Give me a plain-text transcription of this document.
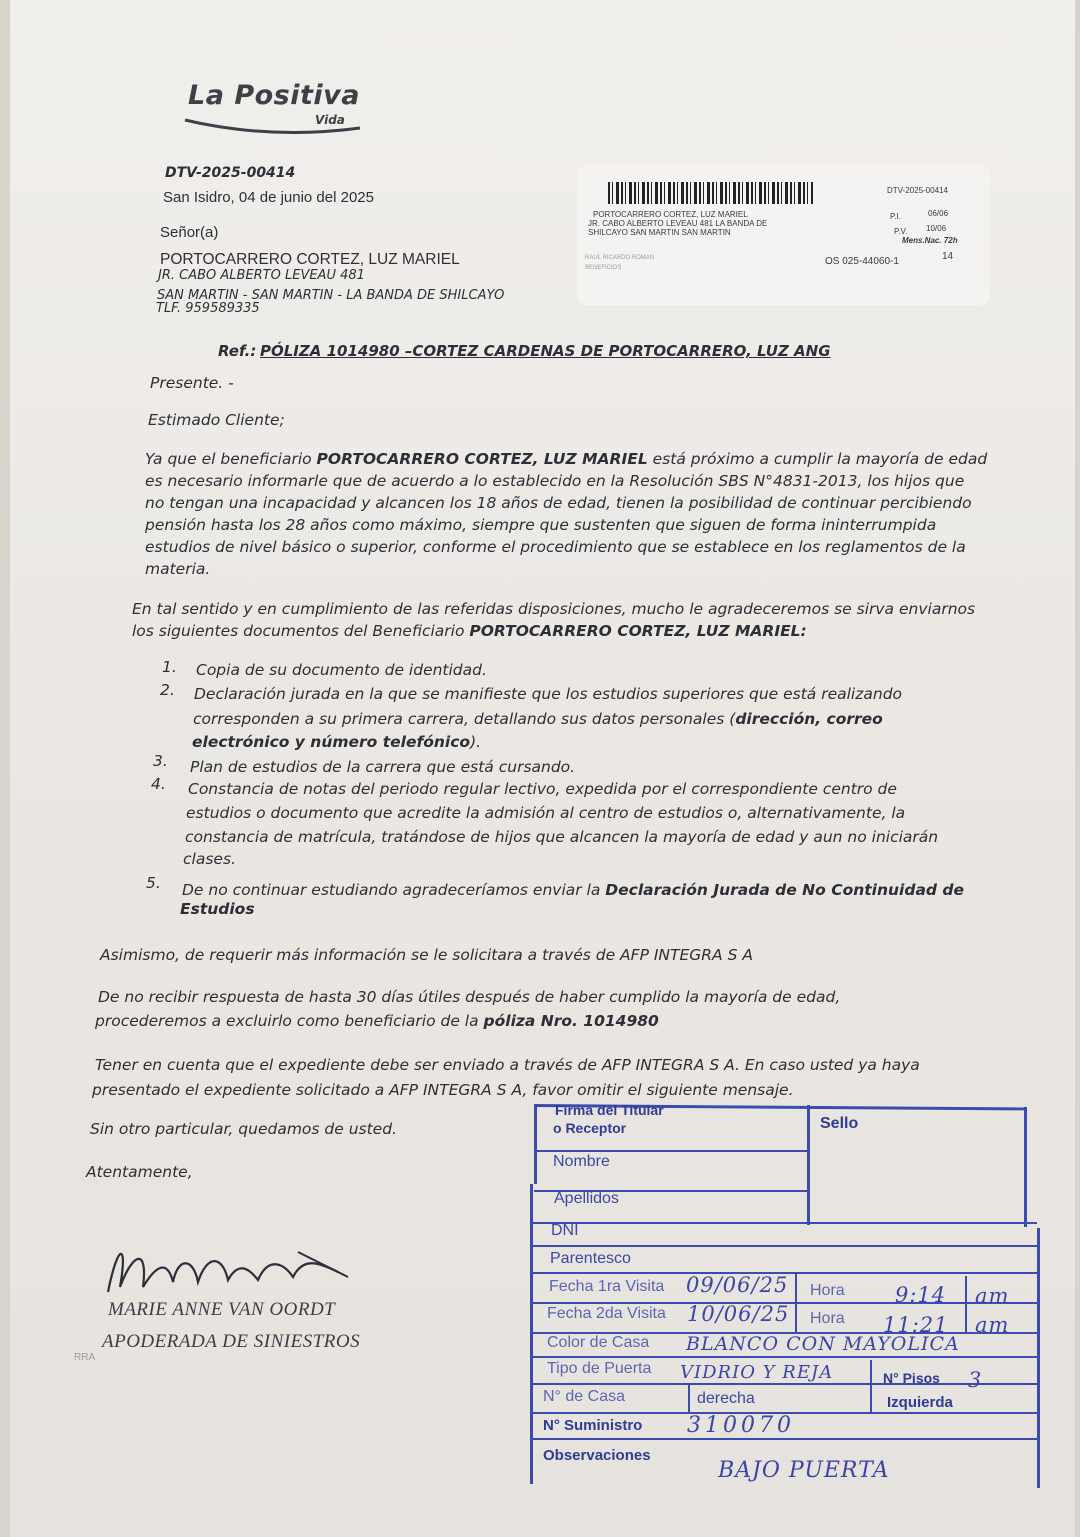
La Positiva
Vida
DTV-2025-00414
San Isidro, 04 de junio del 2025
Señor(a)
PORTOCARRERO CORTEZ, LUZ MARIEL
JR. CABO ALBERTO LEVEAU 481
SAN MARTIN - SAN MARTIN - LA BANDA DE SHILCAYO
TLF. 959589335
DTV-2025-00414
PORTOCARRERO CORTEZ, LUZ MARIEL
JR. CABO ALBERTO LEVEAU 481 LA BANDA DE
SHILCAYO SAN MARTIN SAN MARTIN
RAUL RICARDO ROMAN
BENEFICIOS
P.I.	06/06
P.V. 10/06
Mens.Nac. 72h
OS 025-44060-1	14
Ref.: PÓLIZA 1014980 –CORTEZ CARDENAS DE PORTOCARRERO, LUZ ANG
Presente. -
Estimado Cliente;
Ya que el beneficiario PORTOCARRERO CORTEZ, LUZ MARIEL está próximo a cumplir la mayoría de edad
es necesario informarle que de acuerdo a lo establecido en la Resolución SBS N°4831-2013, los hijos que
no tengan una incapacidad y alcancen los 18 años de edad, tienen la posibilidad de continuar percibiendo
pensión hasta los 28 años como máximo, siempre que sustenten que siguen de forma ininterrumpida
estudios de nivel básico o superior, conforme el procedimiento que se establece en los reglamentos de la
materia.
En tal sentido y en cumplimiento de las referidas disposiciones, mucho le agradeceremos se sirva enviarnos
los siguientes documentos del Beneficiario PORTOCARRERO CORTEZ, LUZ MARIEL:
1. Copia de su documento de identidad.
2. Declaración jurada en la que se manifieste que los estudios superiores que está realizando
corresponden a su primera carrera, detallando sus datos personales (dirección, correo
electrónico y número telefónico).
3. Plan de estudios de la carrera que está cursando.
4. Constancia de notas del periodo regular lectivo, expedida por el correspondiente centro de
estudios o documento que acredite la admisión al centro de estudios o, alternativamente, la
constancia de matrícula, tratándose de hijos que alcancen la mayoría de edad y aun no iniciarán
clases.
5. De no continuar estudiando agradeceríamos enviar la Declaración Jurada de No Continuidad de
Estudios
Asimismo, de requerir más información se le solicitara a través de AFP INTEGRA S A
De no recibir respuesta de hasta 30 días útiles después de haber cumplido la mayoría de edad,
procederemos a excluirlo como beneficiario de la póliza Nro. 1014980
Tener en cuenta que el expediente debe ser enviado a través de AFP INTEGRA S A. En caso usted ya haya
presentado el expediente solicitado a AFP INTEGRA S A, favor omitir el siguiente mensaje.
Sin otro particular, quedamos de usted.
Atentamente,
MARIE ANNE VAN OORDT
APODERADA DE SINIESTROS
RRA
Firma del Titular
o Receptor	Sello
Nombre
Apellidos
DNI
Parentesco
Fecha 1ra Visita 09/06/25 Hora 9:14 am
Fecha 2da Visita 10/06/25 Hora 11:21 am
Color de Casa BLANCO CON MAYOLICA
Tipo de Puerta VIDRIO Y REJA	N° Pisos 3
N° de Casa	derecha	Izquierda
N° Suministro 310070
Observaciones
BAJO PUERTA
